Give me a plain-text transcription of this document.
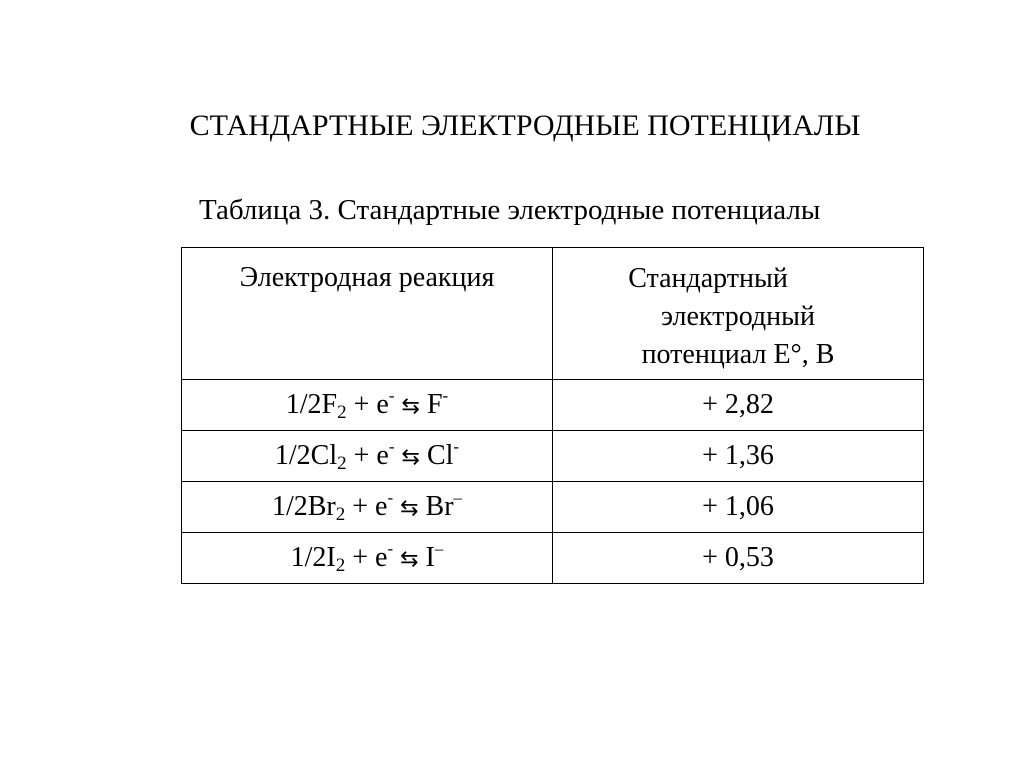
СТАНДАРТНЫЕ ЭЛЕКТРОДНЫЕ ПОТЕНЦИАЛЫ
Таблица 3. Стандартные электродные потенциалы
Электродная реакция	Стандартный
электродный
потенциал E°, В

$1/2F_2 + e^-$ ⇆ F-	+ 2,82
$1/2Cl_2 + e^-$ ⇆ Cl-	+ 1,36
$1/2Br_2 + e^-$ ⇆ Br–	+ 1,06
$1/2I_2 + e^-$ ⇆ I–	+ 0,53
